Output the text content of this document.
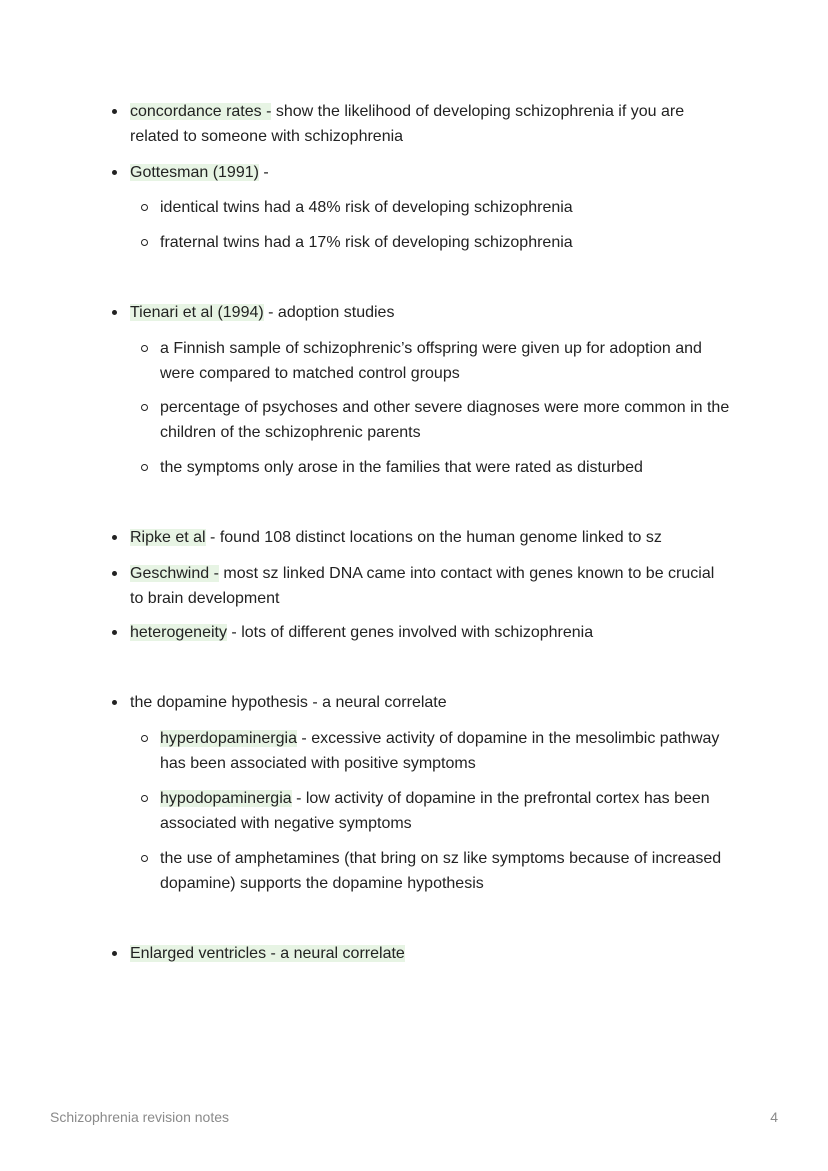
concordance rates - show the likelihood of developing schizophrenia if you are related to someone with schizophrenia
Gottesman (1991) -
identical twins had a 48% risk of developing schizophrenia
fraternal twins had a 17% risk of developing schizophrenia
Tienari et al (1994) - adoption studies
a Finnish sample of schizophrenic’s offspring were given up for adoption and were compared to matched control groups
percentage of psychoses and other severe diagnoses were more common in the children of the schizophrenic parents
the symptoms only arose in the families that were rated as disturbed
Ripke et al - found 108 distinct locations on the human genome linked to sz
Geschwind - most sz linked DNA came into contact with genes known to be crucial to brain development
heterogeneity - lots of different genes involved with schizophrenia
the dopamine hypothesis - a neural correlate
hyperdopaminergia - excessive activity of dopamine in the mesolimbic pathway has been associated with positive symptoms
hypodopaminergia - low activity of dopamine in the prefrontal cortex has been associated with negative symptoms
the use of amphetamines (that bring on sz like symptoms because of increased dopamine) supports the dopamine hypothesis
Enlarged ventricles - a neural correlate
Schizophrenia revision notes	4
